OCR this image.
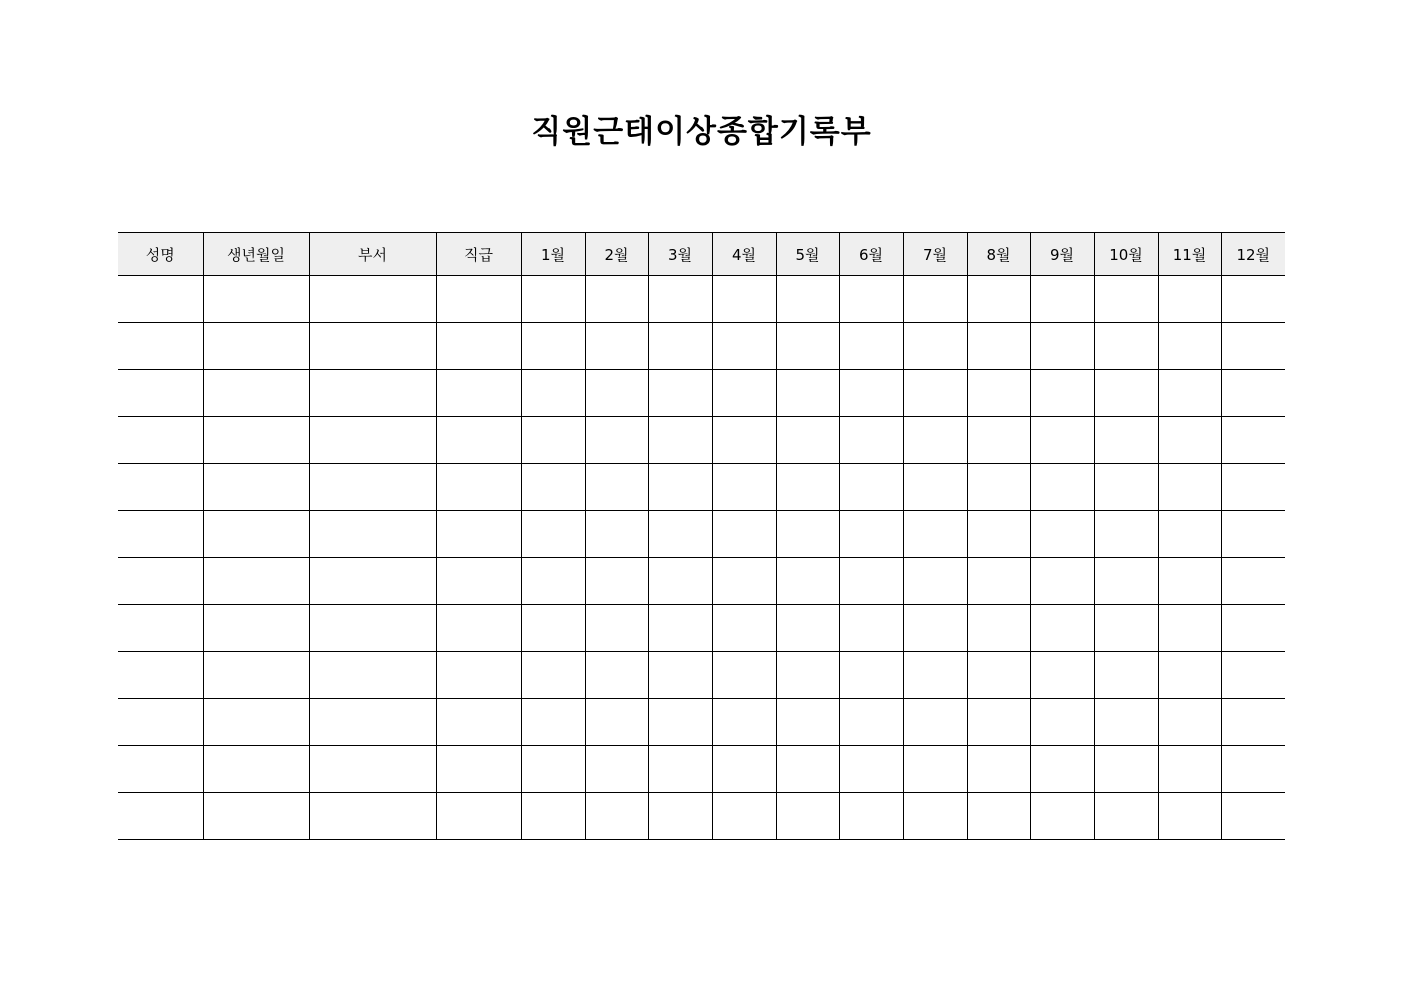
직원근태이상종합기록부
성명	생년월일	부서	직급	1월	2월	3월	4월	5월	6월	7월	8월	9월	10월	11월	12월
